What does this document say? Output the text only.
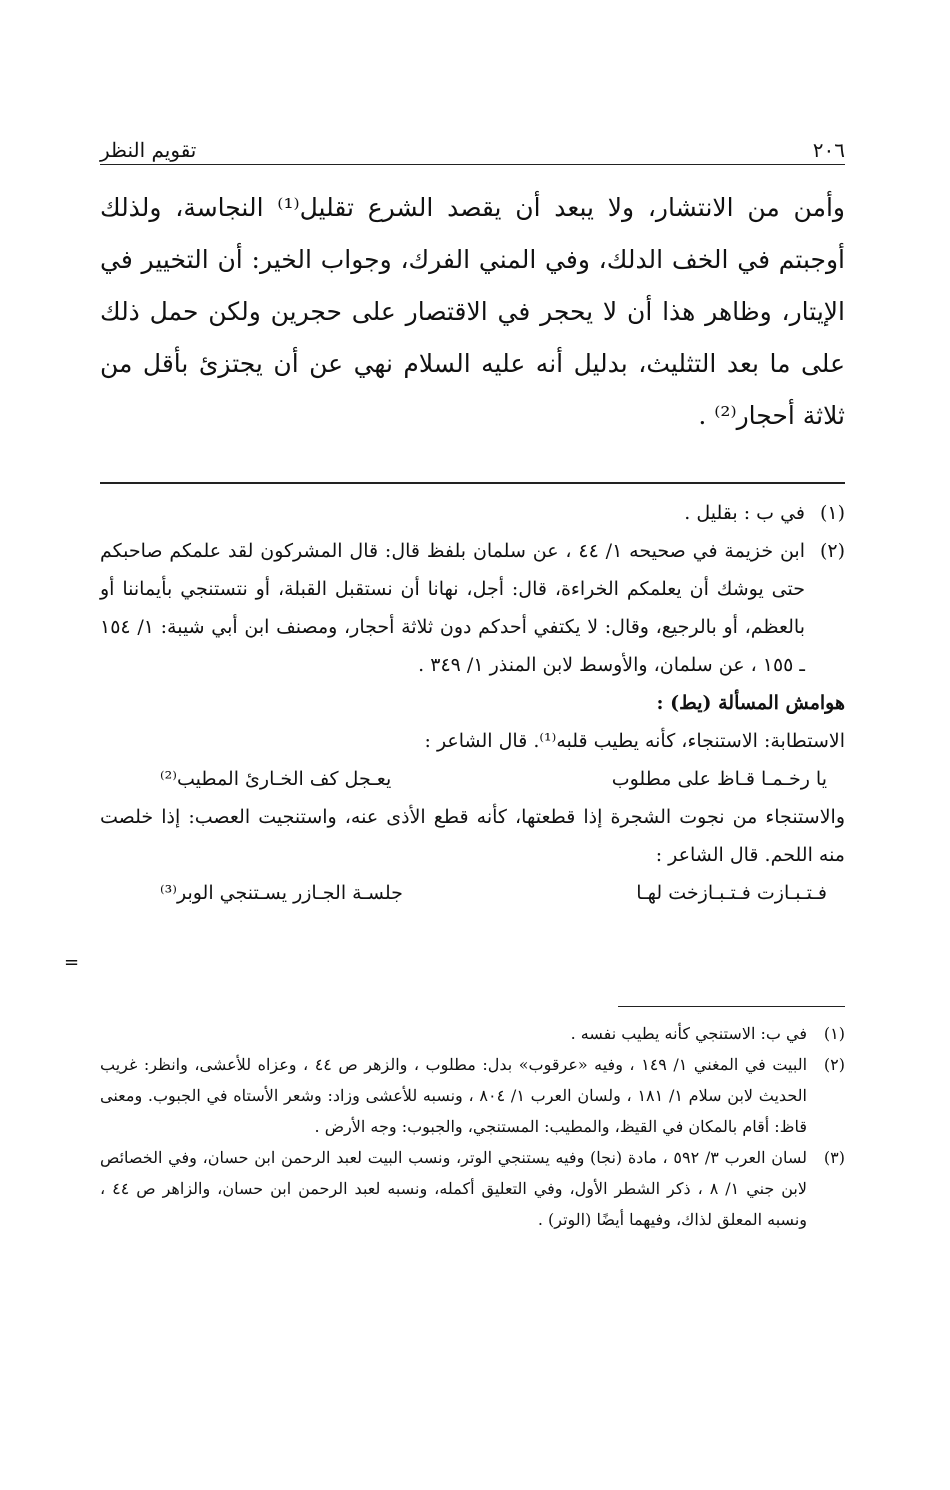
تقويم النظر	٢٠٦

وأمن من الانتشار، ولا يبعد أن يقصد الشرع تقليل⁽¹⁾ النجاسة، ولذلك أوجبتم في الخف الدلك، وفي المني الفرك، وجواب الخير: أن التخيير في الإيتار، وظاهر هذا أن لا يحجر في الاقتصار على حجرين ولكن حمل ذلك على ما بعد التثليث، بدليل أنه عليه السلام نهي عن أن يجتزئ بأقل من ثلاثة أحجار⁽²⁾ .

(١)
في ب : بقليل .
(٢)
ابن خزيمة في صحيحه ١/ ٤٤ ، عن سلمان بلفظ قال: قال المشركون لقد علمكم صاحبكم حتى يوشك أن يعلمكم الخراءة، قال: أجل، نهانا أن نستقبل القبلة، أو نتستنجي بأيماننا أو بالعظم، أو بالرجيع، وقال: لا يكتفي أحدكم دون ثلاثة أحجار، ومصنف ابن أبي شيبة: ١/ ١٥٤ ـ ١٥٥ ، عن سلمان، والأوسط لابن المنذر ١/ ٣٤٩ .
هوامش المسألة (يط) :
الاستطابة: الاستنجاء، كأنه يطيب قلبه⁽¹⁾. قال الشاعر :
يا رخـمـا قـاظ على مطلوب
يعـجل كف الخـارئ المطيب⁽²⁾
والاستنجاء من نجوت الشجرة إذا قطعتها، كأنه قطع الأذى عنه، واستنجيت العصب: إذا خلصت منه اللحم. قال الشاعر :
فـتـبـازت فـتـبـازخت لهـا
جلسـة الجـازر يسـتنجي الوبر⁽³⁾
=
(١)
في ب: الاستنجي كأنه يطيب نفسه .
(٢)
البيت في المغني ١/ ١٤٩ ، وفيه «عرقوب» بدل: مطلوب ، والزهر ص ٤٤ ، وعزاه للأعشى، وانظر: غريب الحديث لابن سلام ١/ ١٨١ ، ولسان العرب ١/ ٨٠٤ ، ونسبه للأعشى وزاد: وشعر الأستاه في الجبوب. ومعنى قاظ: أقام بالمكان في القيظ، والمطيب: المستنجي، والجبوب: وجه الأرض .
(٣)
لسان العرب ٣/ ٥٩٢ ، مادة (نجا) وفيه يستنجي الوتر، ونسب البيت لعبد الرحمن ابن حسان، وفي الخصائص لابن جني ١/ ٨ ، ذكر الشطر الأول، وفي التعليق أكمله، ونسبه لعبد الرحمن ابن حسان، والزاهر ص ٤٤ ، ونسبه المعلق لذاك، وفيهما أيضًا (الوتر) .
